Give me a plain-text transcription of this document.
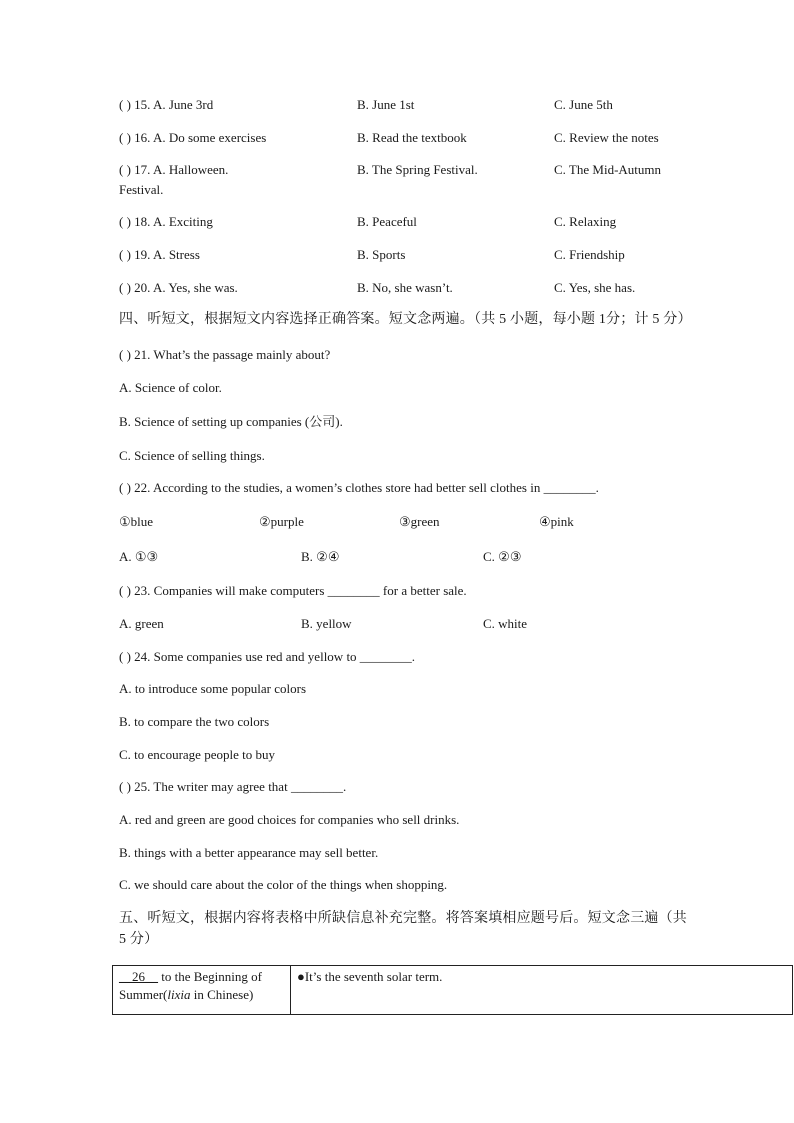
( ) 15. A. June 3rd	B. June 1st	C. June 5th
( ) 16. A. Do some exercises	B. Read the textbook	C. Review the notes
( ) 17. A. Halloween.	B. The Spring Festival.	C. The Mid-Autumn
Festival.
( ) 18. A. Exciting	B. Peaceful	C. Relaxing
( ) 19. A. Stress	B. Sports	C. Friendship
( ) 20. A. Yes, she was.	B. No, she wasn’t.	C. Yes, she has.
四、听短文，根据短文内容选择正确答案。短文念两遍。（共 5 小题，每小题 1分；计 5 分）
( ) 21. What’s the passage mainly about?
A. Science of color.
B. Science of setting up companies (公司).
C. Science of selling things.
( ) 22. According to the studies, a women’s clothes store had better sell clothes in ________.
①blue	②purple	③green	④pink
A. ①③	B. ②④	C. ②③
( ) 23. Companies will make computers ________ for a better sale.
A. green	B. yellow	C. white
( ) 24. Some companies use red and yellow to ________.
A. to introduce some popular colors
B. to compare the two colors
C. to encourage people to buy
( ) 25. The writer may agree that ________.
A. red and green are good choices for companies who sell drinks.
B. things with a better appearance may sell better.
C. we should care about the color of the things when shopping.
五、听短文，根据内容将表格中所缺信息补充完整。将答案填相应题号后。短文念三遍（共
5 分）
__26__ to the Beginning of
Summer(lixia in Chinese)	●It’s the seventh solar term.
